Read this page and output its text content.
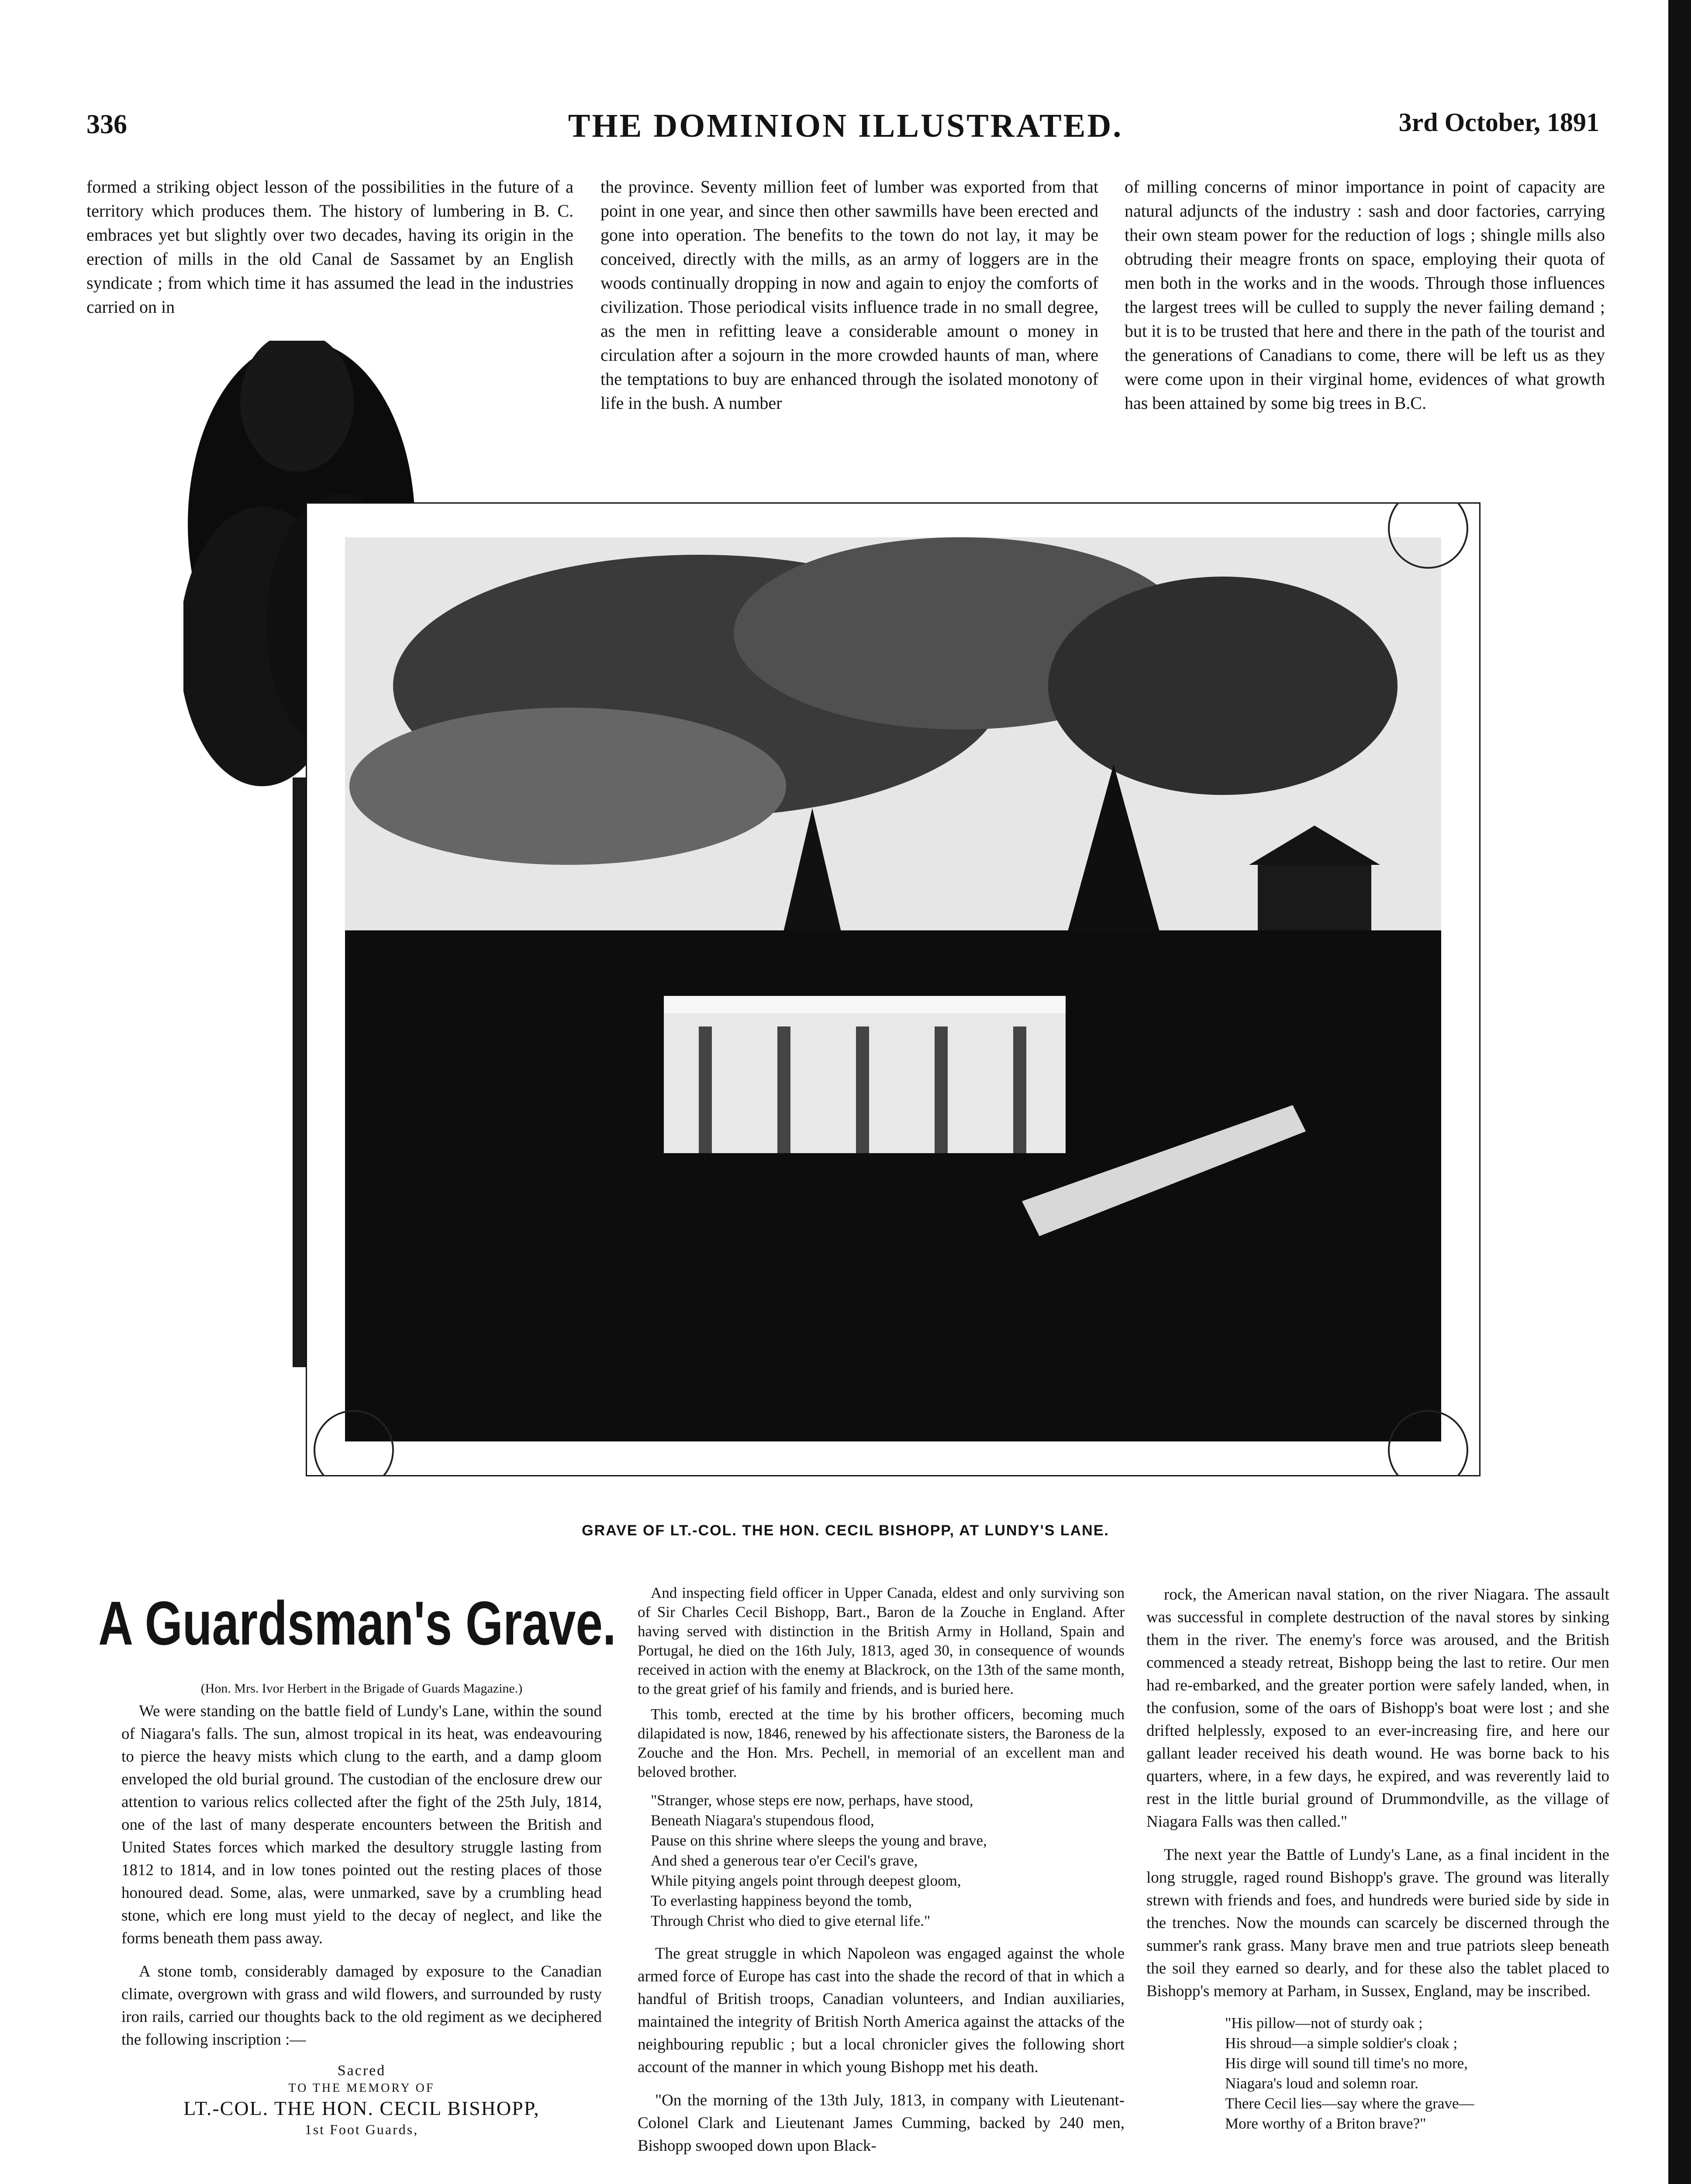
336	THE DOMINION ILLUSTRATED.	3rd October, 1891

formed a striking object lesson of the possibilities in the future of a territory which produces them. The history of lumbering in B. C. embraces yet but slightly over two decades, having its origin in the erection of mills in the old Canal de Sassamet by an English syndicate ; from which time it has assumed the lead in the industries carried on in

the province. Seventy million feet of lumber was exported from that point in one year, and since then other sawmills have been erected and gone into operation. The benefits to the town do not lay, it may be conceived, directly with the mills, as an army of loggers are in the woods continually dropping in now and again to enjoy the comforts of civilization. Those periodical visits influence trade in no small degree, as the men in refitting leave a considerable amount o money in circulation after a sojourn in the more crowded haunts of man, where the temptations to buy are enhanced through the isolated monotony of life in the bush. A number

of milling concerns of minor importance in point of capacity are natural adjuncts of the industry : sash and door factories, carrying their own steam power for the reduction of logs ; shingle mills also obtruding their meagre fronts on space, employing their quota of men both in the works and in the woods. Through those influences the largest trees will be culled to supply the never failing demand ; but it is to be trusted that here and there in the path of the tourist and the generations of Canadians to come, there will be left us as they were come upon in their virginal home, evidences of what growth has been attained by some big trees in B.C.

GRAVE OF LT.-COL. THE HON. CECIL BISHOPP, AT LUNDY'S LANE.
A Guardsman's Grave.

(Hon. Mrs. Ivor Herbert in the Brigade of Guards Magazine.)

We were standing on the battle field of Lundy's Lane, within the sound of Niagara's falls. The sun, almost tropical in its heat, was endeavouring to pierce the heavy mists which clung to the earth, and a damp gloom enveloped the old burial ground. The custodian of the enclosure drew our attention to various relics collected after the fight of the 25th July, 1814, one of the last of many desperate encounters between the British and United States forces which marked the desultory struggle lasting from 1812 to 1814, and in low tones pointed out the resting places of those honoured dead. Some, alas, were unmarked, save by a crumbling head stone, which ere long must yield to the decay of neglect, and like the forms beneath them pass away.

A stone tomb, considerably damaged by exposure to the Canadian climate, overgrown with grass and wild flowers, and surrounded by rusty iron rails, carried our thoughts back to the old regiment as we deciphered the following inscription :—

Sacred
TO THE MEMORY OF
LT.-COL. THE HON. CECIL BISHOPP,
1st Foot Guards,

And inspecting field officer in Upper Canada, eldest and only surviving son of Sir Charles Cecil Bishopp, Bart., Baron de la Zouche in England. After having served with distinction in the British Army in Holland, Spain and Portugal, he died on the 16th July, 1813, aged 30, in consequence of wounds received in action with the enemy at Blackrock, on the 13th of the same month, to the great grief of his family and friends, and is buried here.

This tomb, erected at the time by his brother officers, becoming much dilapidated is now, 1846, renewed by his affectionate sisters, the Baroness de la Zouche and the Hon. Mrs. Pechell, in memorial of an excellent man and beloved brother.

"Stranger, whose steps ere now, perhaps, have stood,
Beneath Niagara's stupendous flood,
Pause on this shrine where sleeps the young and brave,
And shed a generous tear o'er Cecil's grave,
While pitying angels point through deepest gloom,
To everlasting happiness beyond the tomb,
Through Christ who died to give eternal life."

The great struggle in which Napoleon was engaged against the whole armed force of Europe has cast into the shade the record of that in which a handful of British troops, Canadian volunteers, and Indian auxiliaries, maintained the integrity of British North America against the attacks of the neighbouring republic ; but a local chronicler gives the following short account of the manner in which young Bishopp met his death.

"On the morning of the 13th July, 1813, in company with Lieutenant-Colonel Clark and Lieutenant James Cumming, backed by 240 men, Bishopp swooped down upon Black-

rock, the American naval station, on the river Niagara. The assault was successful in complete destruction of the naval stores by sinking them in the river. The enemy's force was aroused, and the British commenced a steady retreat, Bishopp being the last to retire. Our men had re-embarked, and the greater portion were safely landed, when, in the confusion, some of the oars of Bishopp's boat were lost ; and she drifted helplessly, exposed to an ever-increasing fire, and here our gallant leader received his death wound. He was borne back to his quarters, where, in a few days, he expired, and was reverently laid to rest in the little burial ground of Drummondville, as the village of Niagara Falls was then called."

The next year the Battle of Lundy's Lane, as a final incident in the long struggle, raged round Bishopp's grave. The ground was literally strewn with friends and foes, and hundreds were buried side by side in the trenches. Now the mounds can scarcely be discerned through the summer's rank grass. Many brave men and true patriots sleep beneath the soil they earned so dearly, and for these also the tablet placed to Bishopp's memory at Parham, in Sussex, England, may be inscribed.

"His pillow—not of sturdy oak ;
His shroud—a simple soldier's cloak ;
His dirge will sound till time's no more,
Niagara's loud and solemn roar.
There Cecil lies—say where the grave—
More worthy of a Briton brave?"
